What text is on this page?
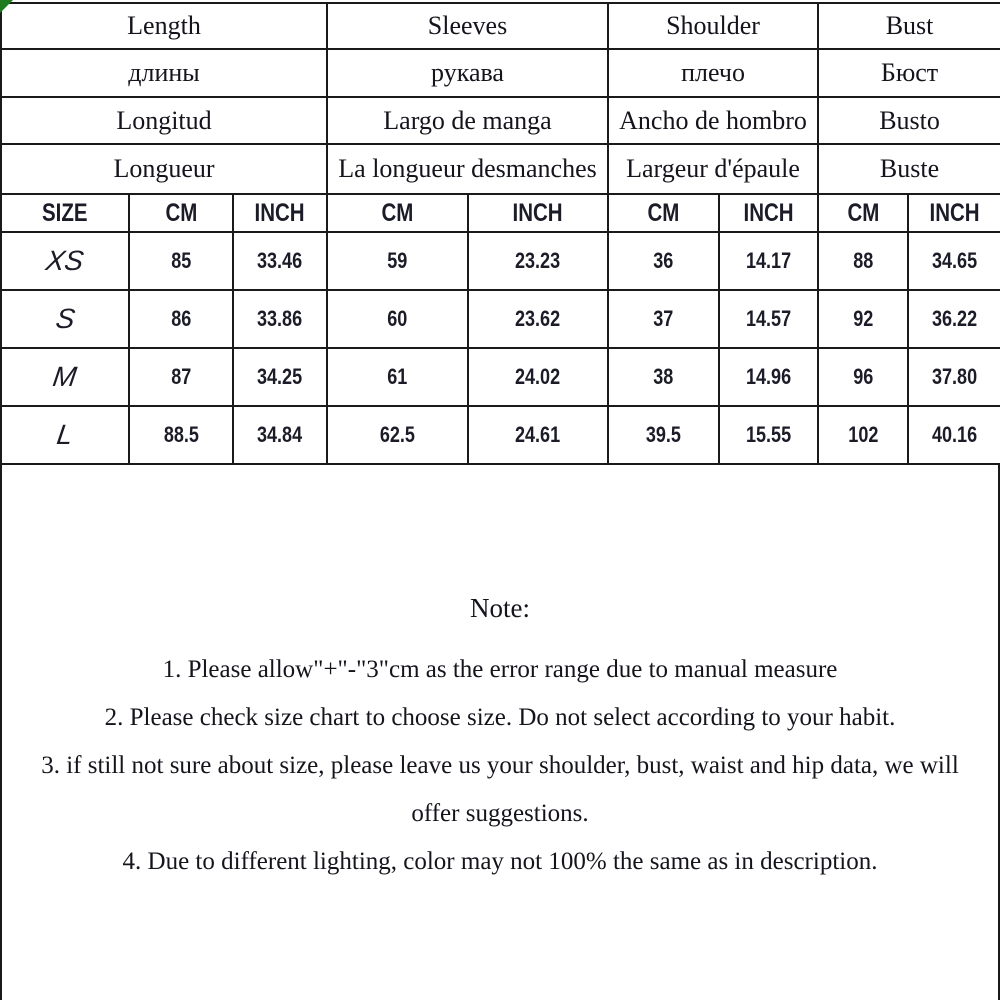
Length			Sleeves		Shoulder		Bust	
длины			рукава		плечо		Бюст	
Longitud			Largo de manga		Ancho de hombro		Busto	
Longueur			La longueur desmanches		Largeur d'épaule		Buste	
SIZE	CM	INCH	CM	INCH	CM	INCH	CM	INCH
XS	85	33.46	59	23.23	36	14.17	88	34.65
S	86	33.86	60	23.62	37	14.57	92	36.22
M	87	34.25	61	24.02	38	14.96	96	37.80
L	88.5	34.84	62.5	24.61	39.5	15.55	102	40.16
Note:
1. Please allow"+"-"3"cm as the error range due to manual measure
2. Please check size chart to choose size. Do not select according to your habit.
3. if still not sure about size, please leave us your shoulder, bust, waist and hip data, we will offer suggestions.
4. Due to different lighting, color may not 100% the same as in description.
